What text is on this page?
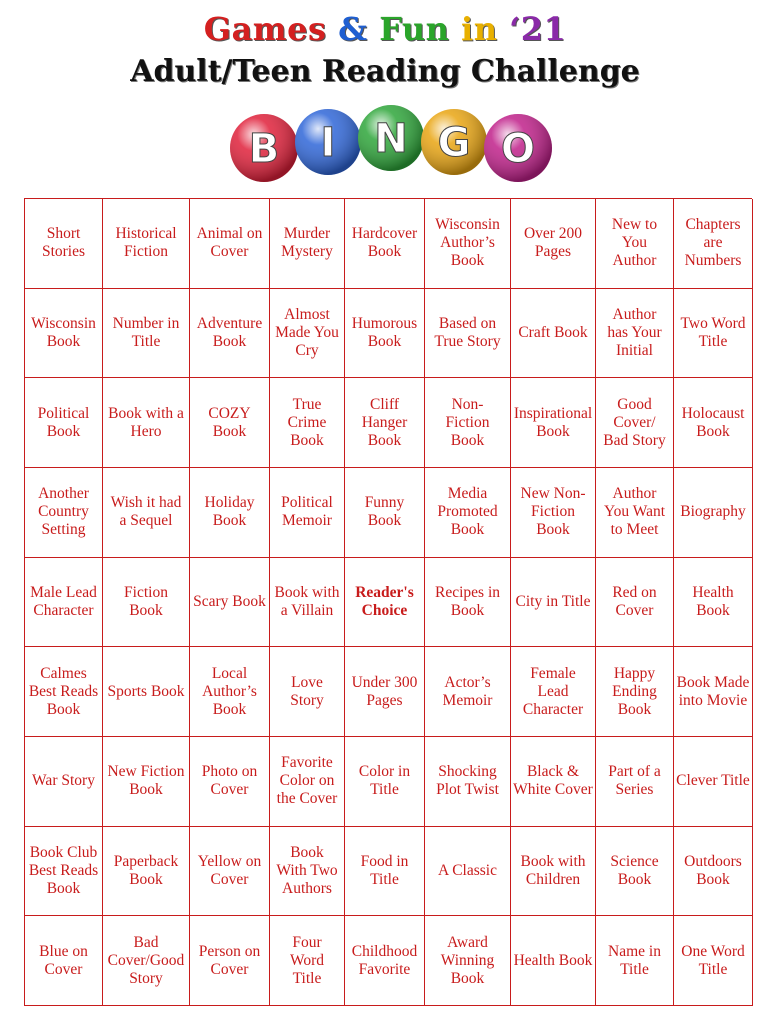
Games & Fun in ‘21
Adult/Teen Reading Challenge
B I N G O
Short
Stories
Historical
Fiction
Animal on
Cover
Murder
Mystery
Hardcover
Book
Wisconsin
Author’s
Book
Over 200
Pages
New to
You
Author
Chapters
are
Numbers
Wisconsin
Book
Number in
Title
Adventure
Book
Almost
Made You
Cry
Humorous
Book
Based on
True Story
Craft Book
Author
has Your
Initial
Two Word
Title
Political
Book
Book with a
Hero
COZY
Book
True
Crime
Book
Cliff
Hanger
Book
Non-
Fiction
Book
Inspirational
Book
Good
Cover/
Bad Story
Holocaust
Book
Another
Country
Setting
Wish it had
a Sequel
Holiday
Book
Political
Memoir
Funny
Book
Media
Promoted
Book
New Non-
Fiction
Book
Author
You Want
to Meet
Biography
Male Lead
Character
Fiction
Book
Scary Book
Book with
a Villain
Reader's
Choice
Recipes in
Book
City in Title
Red on
Cover
Health
Book
Calmes
Best Reads
Book
Sports Book
Local
Author’s
Book
Love
Story
Under 300
Pages
Actor’s
Memoir
Female
Lead
Character
Happy
Ending
Book
Book Made
into Movie
War Story
New Fiction
Book
Photo on
Cover
Favorite
Color on
the Cover
Color in
Title
Shocking
Plot Twist
Black &
White Cover
Part of a
Series
Clever Title
Book Club
Best Reads
Book
Paperback
Book
Yellow on
Cover
Book
With Two
Authors
Food in
Title
A Classic
Book with
Children
Science
Book
Outdoors
Book
Blue on
Cover
Bad
Cover/Good
Story
Person on
Cover
Four
Word
Title
Childhood
Favorite
Award
Winning
Book
Health Book
Name in
Title
One Word
Title
